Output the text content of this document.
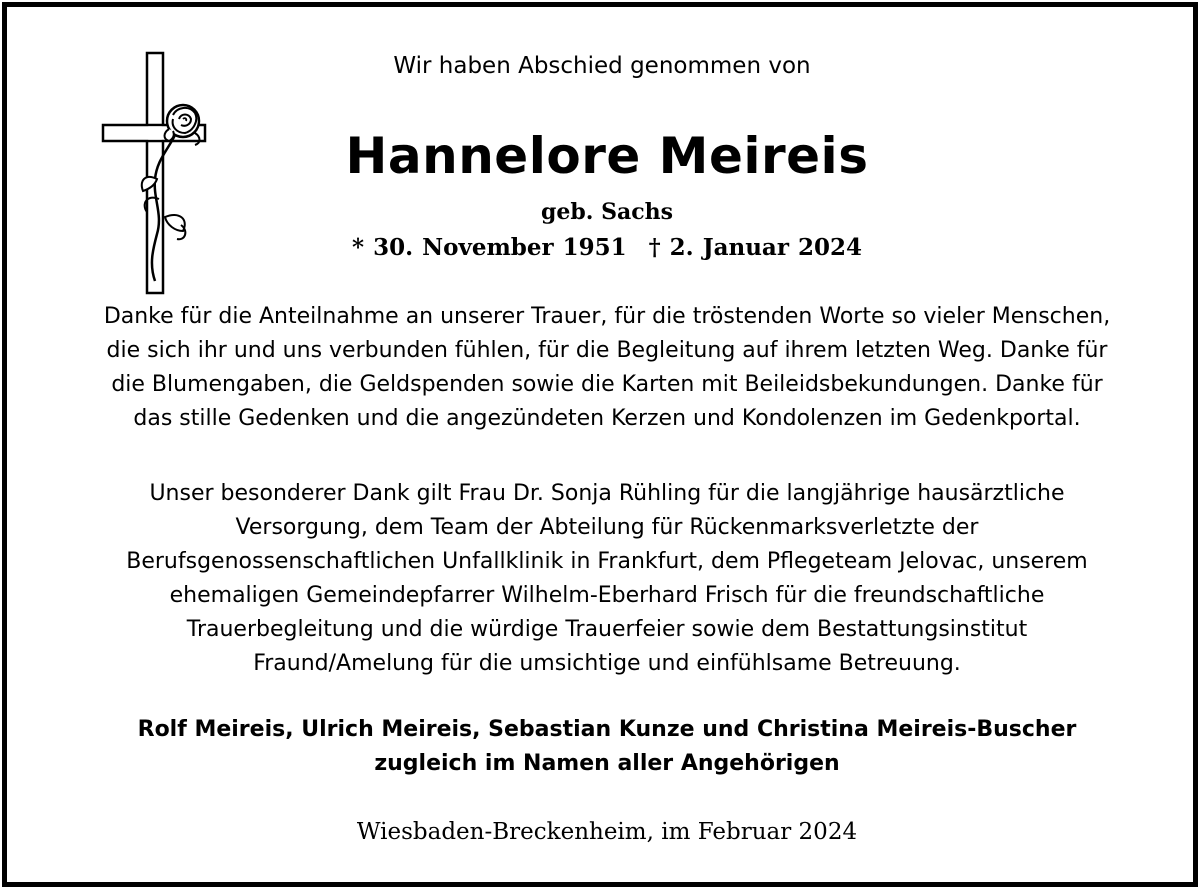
Wir haben Abschied genommen von
Hannelore Meireis
geb. Sachs
* 30. November 1951 † 2. Januar 2024
Danke für die Anteilnahme an unserer Trauer, für die tröstenden Worte so vieler Menschen,
die sich ihr und uns verbunden fühlen, für die Begleitung auf ihrem letzten Weg. Danke für
die Blumengaben, die Geldspenden sowie die Karten mit Beileidsbekundungen. Danke für
das stille Gedenken und die angezündeten Kerzen und Kondolenzen im Gedenkportal.
Unser besonderer Dank gilt Frau Dr. Sonja Rühling für die langjährige hausärztliche
Versorgung, dem Team der Abteilung für Rückenmarksverletzte der
Berufsgenossenschaftlichen Unfallklinik in Frankfurt, dem Pflegeteam Jelovac, unserem
ehemaligen Gemeindepfarrer Wilhelm-Eberhard Frisch für die freundschaftliche
Trauerbegleitung und die würdige Trauerfeier sowie dem Bestattungsinstitut
Fraund/Amelung für die umsichtige und einfühlsame Betreuung.
Rolf Meireis, Ulrich Meireis, Sebastian Kunze und Christina Meireis-Buscher
zugleich im Namen aller Angehörigen
Wiesbaden-Breckenheim, im Februar 2024
